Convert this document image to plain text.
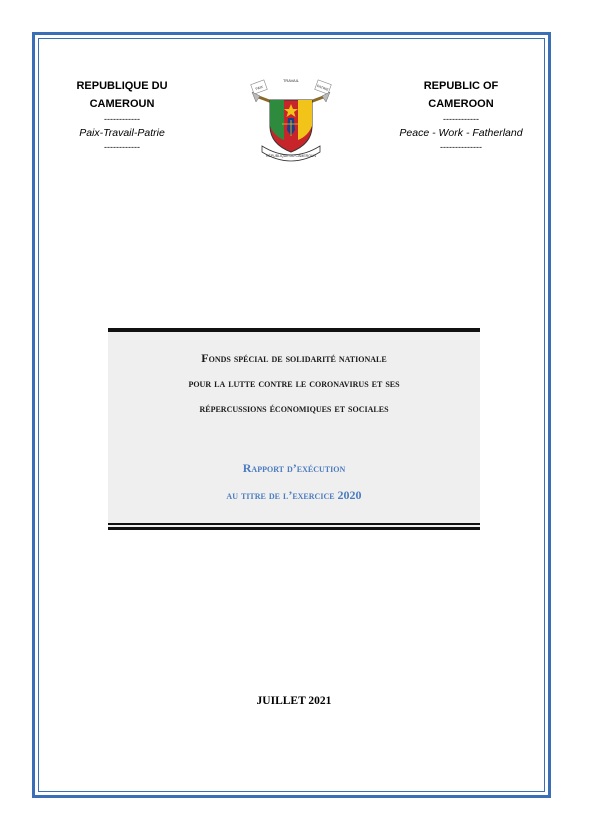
REPUBLIQUE DU
CAMEROUN
------------
Paix-Travail-Patrie
------------
REPUBLIC OF
CAMEROON
------------
Peace - Work - Fatherland
--------------
TRAVAIL
PAIX	PATRIE
RÉPUBLIQUE DU CAMEROUN
Fonds spécial de solidarité nationale
pour la lutte contre le coronavirus et ses
répercussions économiques et sociales
Rapport d’exécution
au titre de l’exercice 2020
JUILLET 2021
